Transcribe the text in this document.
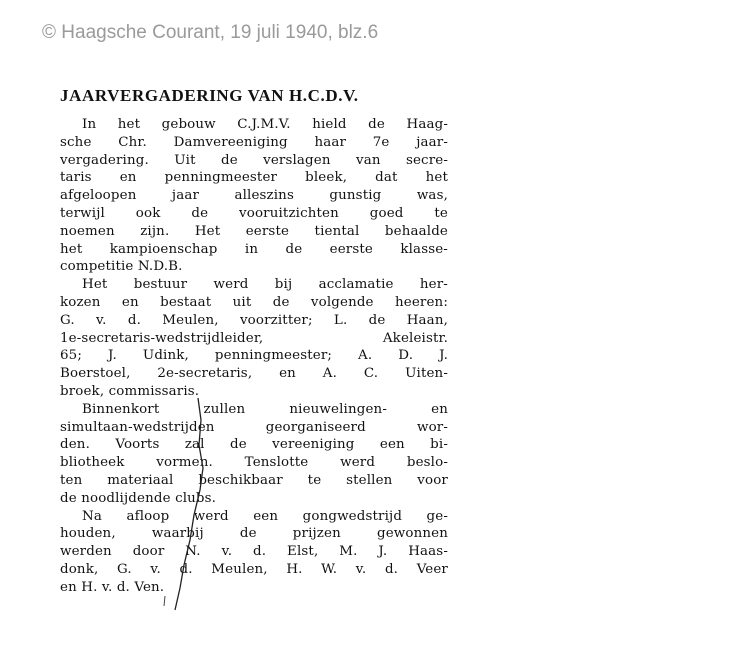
© Haagsche Courant, 19 juli 1940, blz.6
JAARVERGADERING VAN H.C.D.V.
In het gebouw C.J.M.V. hield de Haag-
sche Chr. Damvereeniging haar 7e jaar-
vergadering. Uit de verslagen van secre-
taris en penningmeester bleek, dat het
afgeloopen jaar alleszins gunstig was,
terwijl ook de vooruitzichten goed te
noemen zijn. Het eerste tiental behaalde
het kampioenschap in de eerste klasse-
competitie N.D.B.
Het bestuur werd bij acclamatie her-
kozen en bestaat uit de volgende heeren:
G. v. d. Meulen, voorzitter; L. de Haan,
1e-secretaris-wedstrijdleider, Akeleistr.
65; J. Udink, penningmeester; A. D. J.
Boerstoel, 2e-secretaris, en A. C. Uiten-
broek, commissaris.
Binnenkort zullen nieuwelingen- en
simultaan-wedstrijden georganiseerd wor-
den. Voorts zal de vereeniging een bi-
bliotheek vormen. Tenslotte werd beslo-
ten materiaal beschikbaar te stellen voor
de noodlijdende clubs.
Na afloop werd een gongwedstrijd ge-
houden, waarbij de prijzen gewonnen
werden door N. v. d. Elst, M. J. Haas-
donk, G. v. d. Meulen, H. W. v. d. Veer
en H. v. d. Ven.
